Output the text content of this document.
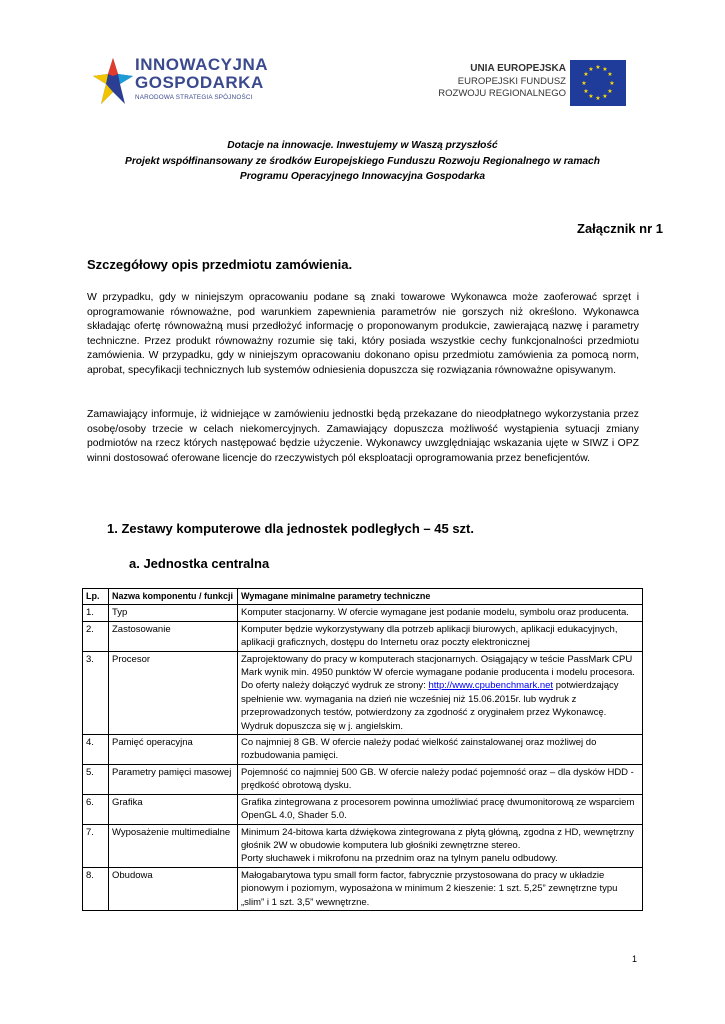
INNOWACYJNA
GOSPODARKA
NARODOWA STRATEGIA SPÓJNOŚCI
UNIA EUROPEJSKA
EUROPEJSKI FUNDUSZ
ROZWOJU REGIONALNEGO
★ ★
★
★
★
★
★
★
★
★
★
★
Dotacje na innowacje. Inwestujemy w Waszą przyszłość
Projekt współfinansowany ze środków Europejskiego Funduszu Rozwoju Regionalnego w ramach
Programu Operacyjnego Innowacyjna Gospodarka
Załącznik nr 1
Szczegółowy opis przedmiotu zamówienia.
W przypadku, gdy w niniejszym opracowaniu podane są znaki towarowe Wykonawca może zaoferować sprzęt i oprogramowanie równoważne, pod warunkiem zapewnienia parametrów nie gorszych niż określono. Wykonawca składając ofertę równoważną musi przedłożyć informację o proponowanym produkcie, zawierającą nazwę i parametry techniczne. Przez produkt równoważny rozumie się taki, który posiada wszystkie cechy funkcjonalności przedmiotu zamówienia. W przypadku, gdy w niniejszym opracowaniu dokonano opisu przedmiotu zamówienia za pomocą norm, aprobat, specyfikacji technicznych lub systemów odniesienia dopuszcza się rozwiązania równoważne opisywanym.
Zamawiający informuje, iż widniejące w zamówieniu jednostki będą przekazane do nieodpłatnego wykorzystania przez osobę/osoby trzecie w celach niekomercyjnych. Zamawiający dopuszcza możliwość wystąpienia sytuacji zmiany podmiotów na rzecz których następować będzie użyczenie. Wykonawcy uwzględniając wskazania ujęte w SIWZ i OPZ winni dostosować oferowane licencje do rzeczywistych pól eksploatacji oprogramowania przez beneficjentów.
1. Zestawy komputerowe dla jednostek podległych – 45 szt.
a. Jednostka centralna
Lp.	Nazwa komponentu / funkcji	Wymagane minimalne parametry techniczne
1.	Typ	Komputer stacjonarny. W ofercie wymagane jest podanie modelu, symbolu oraz producenta.
2.	Zastosowanie	Komputer będzie wykorzystywany dla potrzeb aplikacji biurowych, aplikacji edukacyjnych, aplikacji graficznych, dostępu do Internetu oraz poczty elektronicznej
3.	Procesor	Zaprojektowany do pracy w komputerach stacjonarnych. Osiągający w teście PassMark CPU Mark wynik min. 4950 punktów W ofercie wymagane podanie producenta i modelu procesora.
Do oferty należy dołączyć wydruk ze strony: http://www.cpubenchmark.net potwierdzający spełnienie ww. wymagania na dzień nie wcześniej niż 15.06.2015r. lub wydruk z przeprowadzonych testów, potwierdzony za zgodność z oryginałem przez Wykonawcę. Wydruk dopuszcza się w j. angielskim.

4.	Pamięć operacyjna	Co najmniej 8 GB. W ofercie należy podać wielkość zainstalowanej oraz możliwej do rozbudowania pamięci.
5.	Parametry pamięci masowej	Pojemność co najmniej 500 GB. W ofercie należy podać pojemność oraz – dla dysków HDD - prędkość obrotową dysku.
6.	Grafika	Grafika zintegrowana z procesorem powinna umożliwiać pracę dwumonitorową ze wsparciem OpenGL 4.0, Shader 5.0.
7.	Wyposażenie multimedialne	Minimum 24-bitowa karta dźwiękowa zintegrowana z płytą główną, zgodna z HD, wewnętrzny głośnik 2W w obudowie komputera lub głośniki zewnętrzne stereo.
Porty słuchawek i mikrofonu na przednim oraz na tylnym panelu odbudowy.

8.	Obudowa	Małogabarytowa typu small form factor, fabrycznie przystosowana do pracy w układzie pionowym i poziomym, wyposażona w minimum 2 kieszenie: 1 szt. 5,25” zewnętrzne typu „slim” i 1 szt. 3,5” wewnętrzne.
1
